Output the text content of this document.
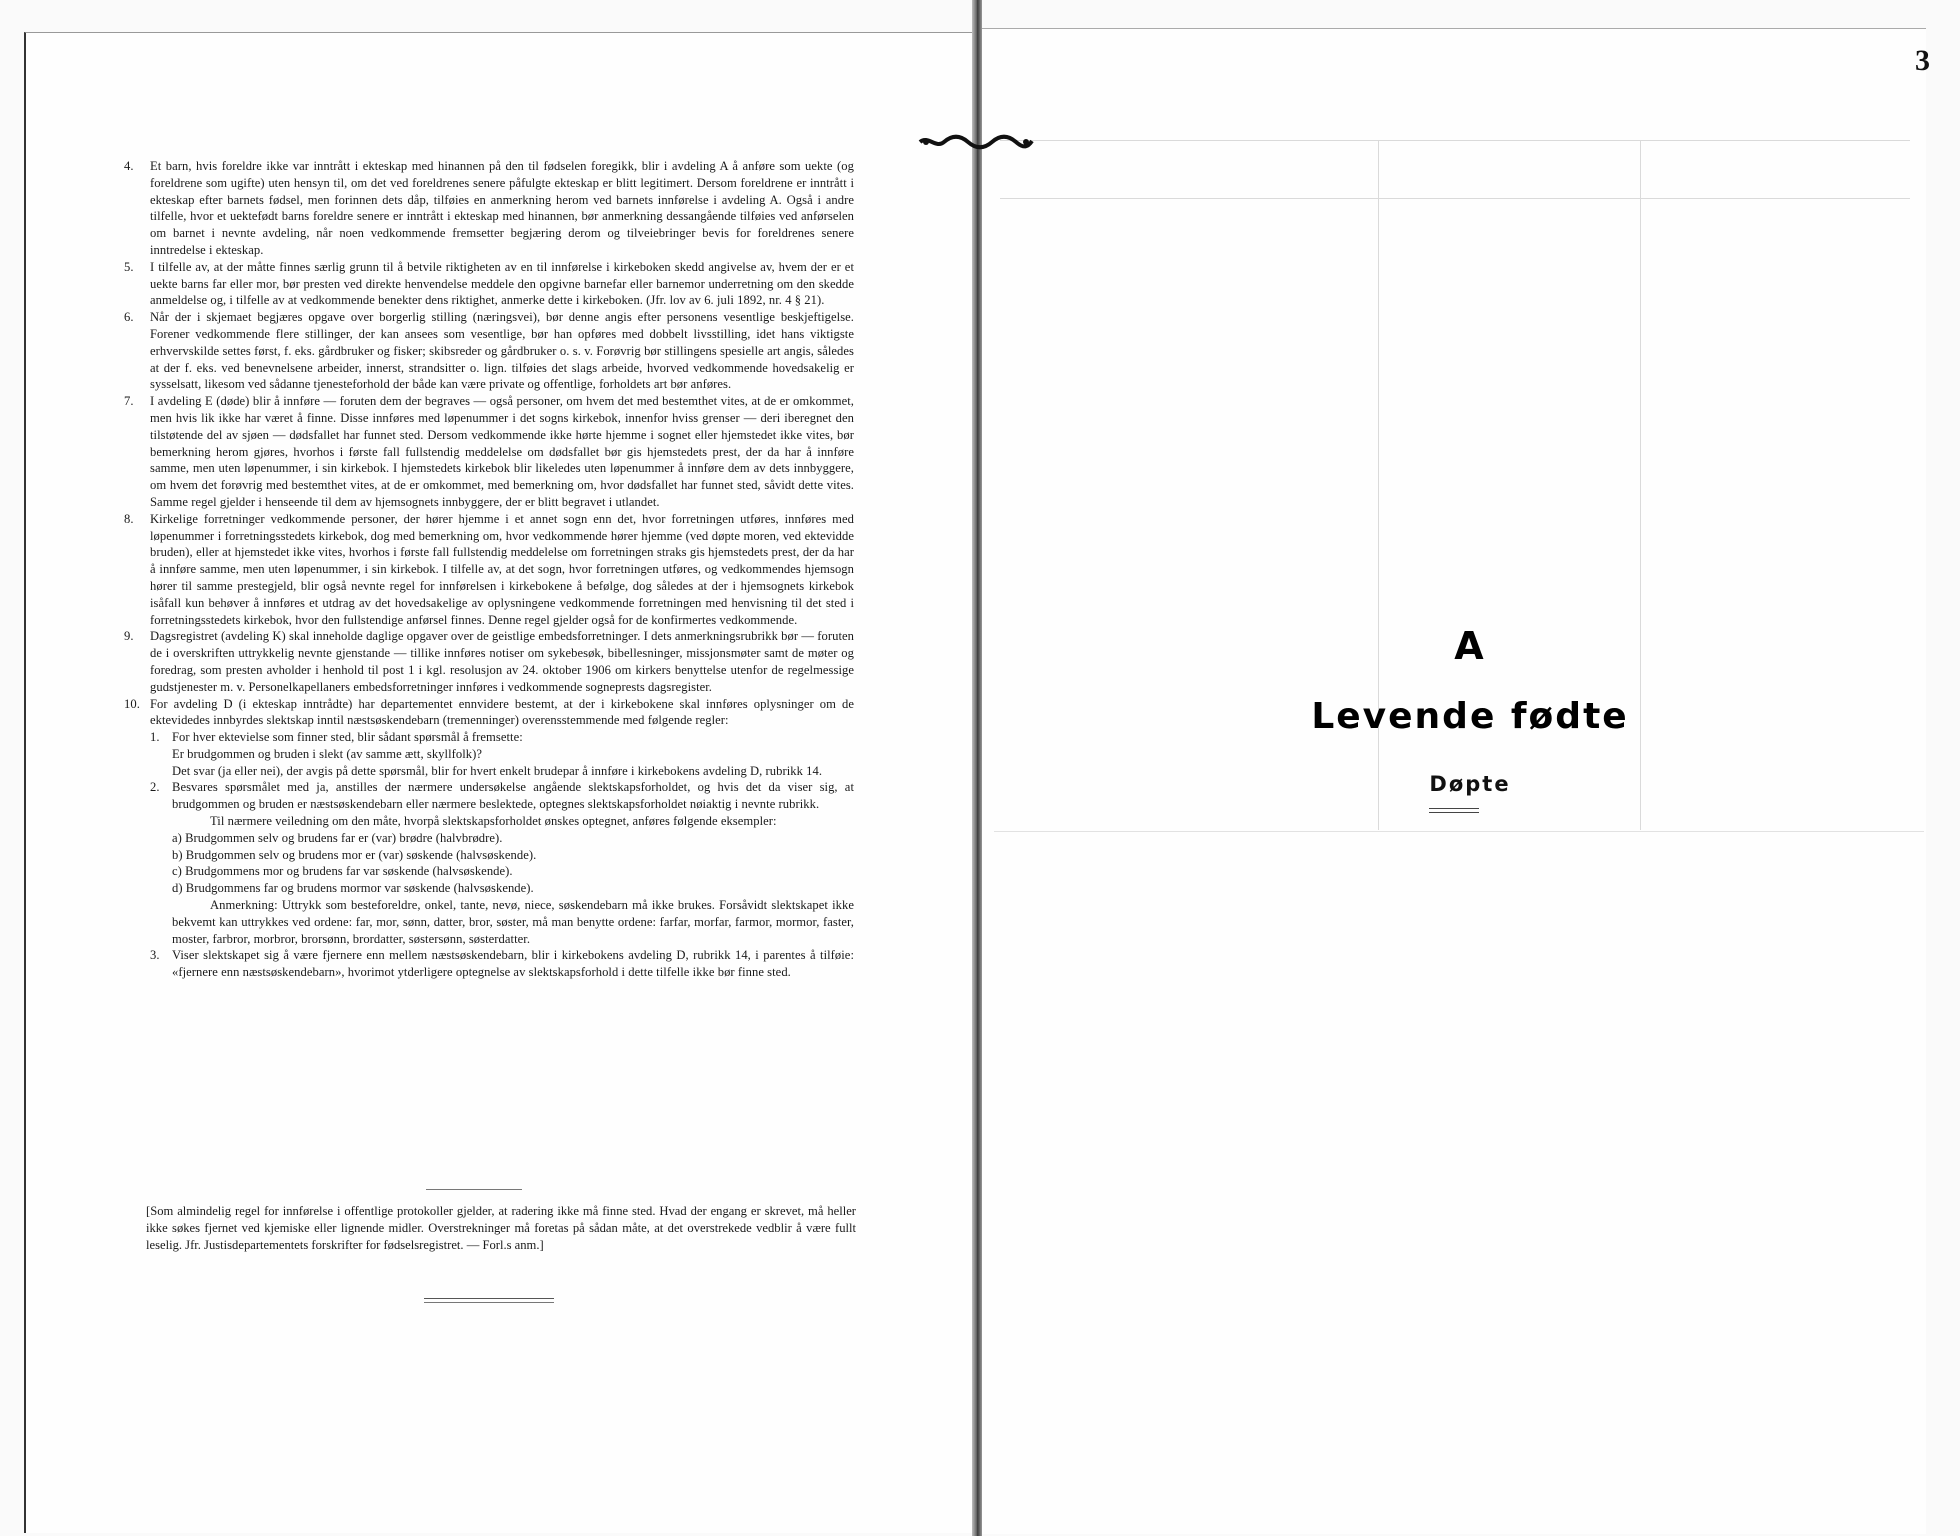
3
4.	Et barn, hvis foreldre ikke var inntrått i ekteskap med hinannen på den til fødselen foregikk, blir i avdeling A å anføre som uekte (og foreldrene som ugifte) uten hensyn til, om det ved foreldrenes senere påfulgte ekteskap er blitt legitimert. Dersom foreldrene er inntrått i ekteskap efter barnets fødsel, men forinnen dets dåp, tilføies en anmerkning herom ved barnets innførelse i avdeling A. Også i andre tilfelle, hvor et uektefødt barns foreldre senere er inntrått i ekteskap med hinannen, bør anmerkning dessangående tilføies ved anførselen om barnet i nevnte avdeling, når noen vedkommende fremsetter begjæring derom og tilveiebringer bevis for foreldrenes senere inntredelse i ekteskap.
5.	I tilfelle av, at der måtte finnes særlig grunn til å betvile riktigheten av en til innførelse i kirkeboken skedd angivelse av, hvem der er et uekte barns far eller mor, bør presten ved direkte henvendelse meddele den opgivne barnefar eller barnemor underretning om den skedde anmeldelse og, i tilfelle av at vedkommende benekter dens riktighet, anmerke dette i kirkeboken. (Jfr. lov av 6. juli 1892, nr. 4 § 21).
6.	Når der i skjemaet begjæres opgave over borgerlig stilling (næringsvei), bør denne angis efter personens vesentlige beskjeftigelse. Forener vedkommende flere stillinger, der kan ansees som vesentlige, bør han opføres med dobbelt livsstilling, idet hans viktigste erhvervskilde settes først, f. eks. gårdbruker og fisker; skibsreder og gårdbruker o. s. v. Forøvrig bør stillingens spesielle art angis, således at der f. eks. ved benevnelsene arbeider, innerst, strandsitter o. lign. tilføies det slags arbeide, hvorved vedkommende hovedsakelig er sysselsatt, likesom ved sådanne tjenesteforhold der både kan være private og offentlige, forholdets art bør anføres.
7.	I avdeling E (døde) blir å innføre — foruten dem der begraves — også personer, om hvem det med bestemthet vites, at de er omkommet, men hvis lik ikke har været å finne. Disse innføres med løpenummer i det sogns kirkebok, innenfor hviss grenser — deri iberegnet den tilstøtende del av sjøen — dødsfallet har funnet sted. Dersom vedkommende ikke hørte hjemme i sognet eller hjemstedet ikke vites, bør bemerkning herom gjøres, hvorhos i første fall fullstendig meddelelse om dødsfallet bør gis hjemstedets prest, der da har å innføre samme, men uten løpenummer, i sin kirkebok. I hjemstedets kirkebok blir likeledes uten løpenummer å innføre dem av dets innbyggere, om hvem det forøvrig med bestemthet vites, at de er omkommet, med bemerkning om, hvor dødsfallet har funnet sted, såvidt dette vites. Samme regel gjelder i henseende til dem av hjemsognets innbyggere, der er blitt begravet i utlandet.
8.	Kirkelige forretninger vedkommende personer, der hører hjemme i et annet sogn enn det, hvor forretningen utføres, innføres med løpenummer i forretningsstedets kirkebok, dog med bemerkning om, hvor vedkommende hører hjemme (ved døpte moren, ved ektevidde bruden), eller at hjemstedet ikke vites, hvorhos i første fall fullstendig meddelelse om forretningen straks gis hjemstedets prest, der da har å innføre samme, men uten løpenummer, i sin kirkebok. I tilfelle av, at det sogn, hvor forretningen utføres, og vedkommendes hjemsogn hører til samme prestegjeld, blir også nevnte regel for innførelsen i kirkebokene å befølge, dog således at der i hjemsognets kirkebok isåfall kun behøver å innføres et utdrag av det hovedsakelige av oplysningene vedkommende forretningen med henvisning til det sted i forretningsstedets kirkebok, hvor den fullstendige anførsel finnes. Denne regel gjelder også for de konfirmertes vedkommende.
9.	Dagsregistret (avdeling K) skal inneholde daglige opgaver over de geistlige embedsforretninger. I dets anmerkningsrubrikk bør — foruten de i overskriften uttrykkelig nevnte gjenstande — tillike innføres notiser om sykebesøk, bibellesninger, missjonsmøter samt de møter og foredrag, som presten avholder i henhold til post 1 i kgl. resolusjon av 24. oktober 1906 om kirkers benyttelse utenfor de regelmessige gudstjenester m. v. Personelkapellaners embedsforretninger innføres i vedkommende sogneprests dagsregister.
10. For avdeling D (i ekteskap inntrådte) har departementet ennvidere bestemt, at der i kirkebokene skal innføres oplysninger om de ektevidedes innbyrdes slektskap inntil næstsøskendebarn (tremenninger) overensstemmende med følgende regler:
1. For hver ektevielse som finner sted, blir sådant spørsmål å fremsette:
Er brudgommen og bruden i slekt (av samme ætt, skyllfolk)?
Det svar (ja eller nei), der avgis på dette spørsmål, blir for hvert enkelt brudepar å innføre i kirkebokens avdeling D, rubrikk 14.
2. Besvares spørsmålet med ja, anstilles der nærmere undersøkelse angående slektskapsforholdet, og hvis det da viser sig, at brudgommen og bruden er næstsøskendebarn eller nærmere beslektede, optegnes slektskapsforholdet nøiaktig i nevnte rubrikk.
Til nærmere veiledning om den måte, hvorpå slektskapsforholdet ønskes optegnet, anføres følgende eksempler:
a) Brudgommen selv og brudens far er (var) brødre (halvbrødre).
b) Brudgommen selv og brudens mor er (var) søskende (halvsøskende).
c) Brudgommens mor og brudens far var søskende (halvsøskende).
d) Brudgommens far og brudens mormor var søskende (halvsøskende).
Anmerkning: Uttrykk som besteforeldre, onkel, tante, nevø, niece, søskendebarn må ikke brukes. Forsåvidt slektskapet ikke bekvemt kan uttrykkes ved ordene: far, mor, sønn, datter, bror, søster, må man benytte ordene: farfar, morfar, farmor, mormor, faster, moster, farbror, morbror, brorsønn, brordatter, søstersønn, søsterdatter.
3. Viser slektskapet sig å være fjernere enn mellem næstsøskendebarn, blir i kirkebokens avdeling D, rubrikk 14, i parentes å tilføie: «fjernere enn næstsøskendebarn», hvorimot ytderligere optegnelse av slektskapsforhold i dette tilfelle ikke bør finne sted.
[Som almindelig regel for innførelse i offentlige protokoller gjelder, at radering ikke må finne sted. Hvad der engang er skrevet, må heller ikke søkes fjernet ved kjemiske eller lignende midler. Overstrekninger må foretas på sådan måte, at det overstrekede vedblir å være fullt leselig. Jfr. Justisdepartementets forskrifter for fødselsregistret. — Forl.s anm.]
A
Levende fødte
Døpte
